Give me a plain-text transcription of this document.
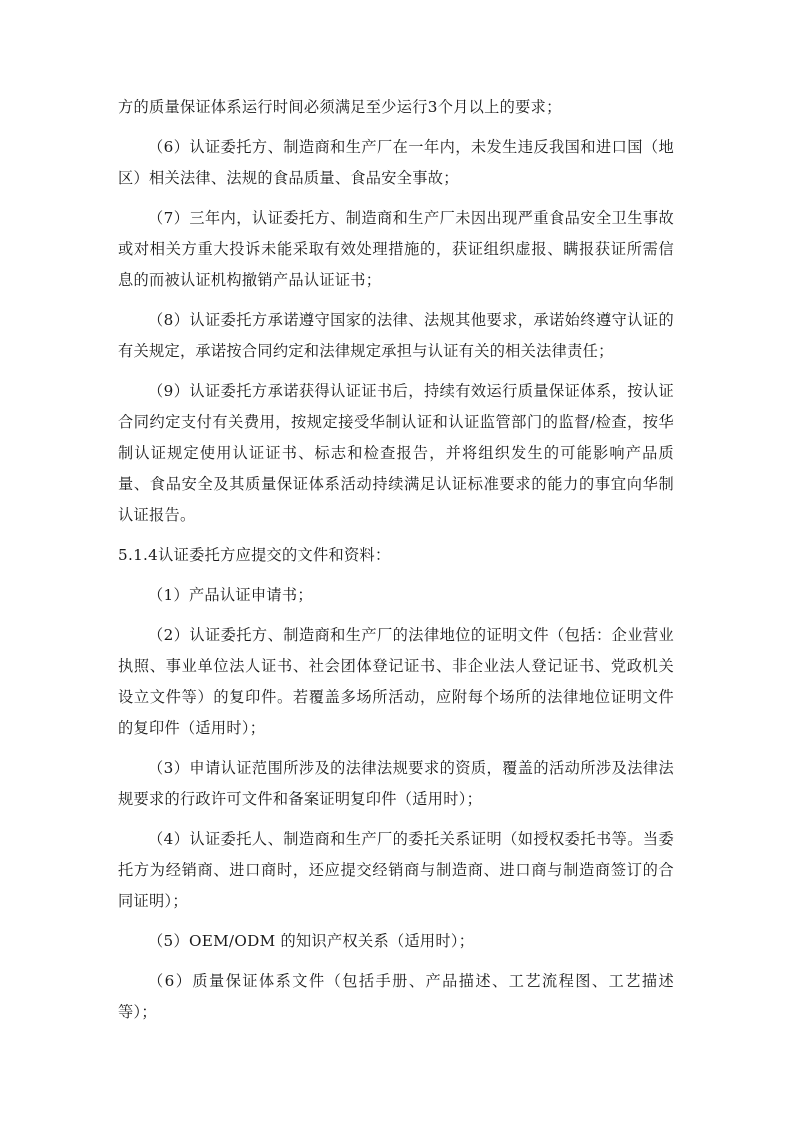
方的质量保证体系运行时间必须满足至少运行3个月以上的要求；

（6）认证委托方、制造商和生产厂在一年内，未发生违反我国和进口国（地区）相关法律、法规的食品质量、食品安全事故；

（7）三年内，认证委托方、制造商和生产厂未因出现严重食品安全卫生事故或对相关方重大投诉未能采取有效处理措施的，获证组织虚报、瞒报获证所需信息的而被认证机构撤销产品认证证书；

（8）认证委托方承诺遵守国家的法律、法规其他要求，承诺始终遵守认证的有关规定，承诺按合同约定和法律规定承担与认证有关的相关法律责任；

（9）认证委托方承诺获得认证证书后，持续有效运行质量保证体系，按认证合同约定支付有关费用，按规定接受华制认证和认证监管部门的监督/检查，按华制认证规定使用认证证书、标志和检查报告，并将组织发生的可能影响产品质量、食品安全及其质量保证体系活动持续满足认证标准要求的能力的事宜向华制认证报告。

5.1.4认证委托方应提交的文件和资料：

（1）产品认证申请书；

（2）认证委托方、制造商和生产厂的法律地位的证明文件（包括：企业营业执照、事业单位法人证书、社会团体登记证书、非企业法人登记证书、党政机关设立文件等）的复印件。若覆盖多场所活动，应附每个场所的法律地位证明文件的复印件（适用时）；

（3）申请认证范围所涉及的法律法规要求的资质，覆盖的活动所涉及法律法规要求的行政许可文件和备案证明复印件（适用时）；

（4）认证委托人、制造商和生产厂的委托关系证明（如授权委托书等。当委托方为经销商、进口商时，还应提交经销商与制造商、进口商与制造商签订的合同证明）；

（5）OEM/ODM 的知识产权关系（适用时）；

（6）质量保证体系文件（包括手册、产品描述、工艺流程图、工艺描述等）；
